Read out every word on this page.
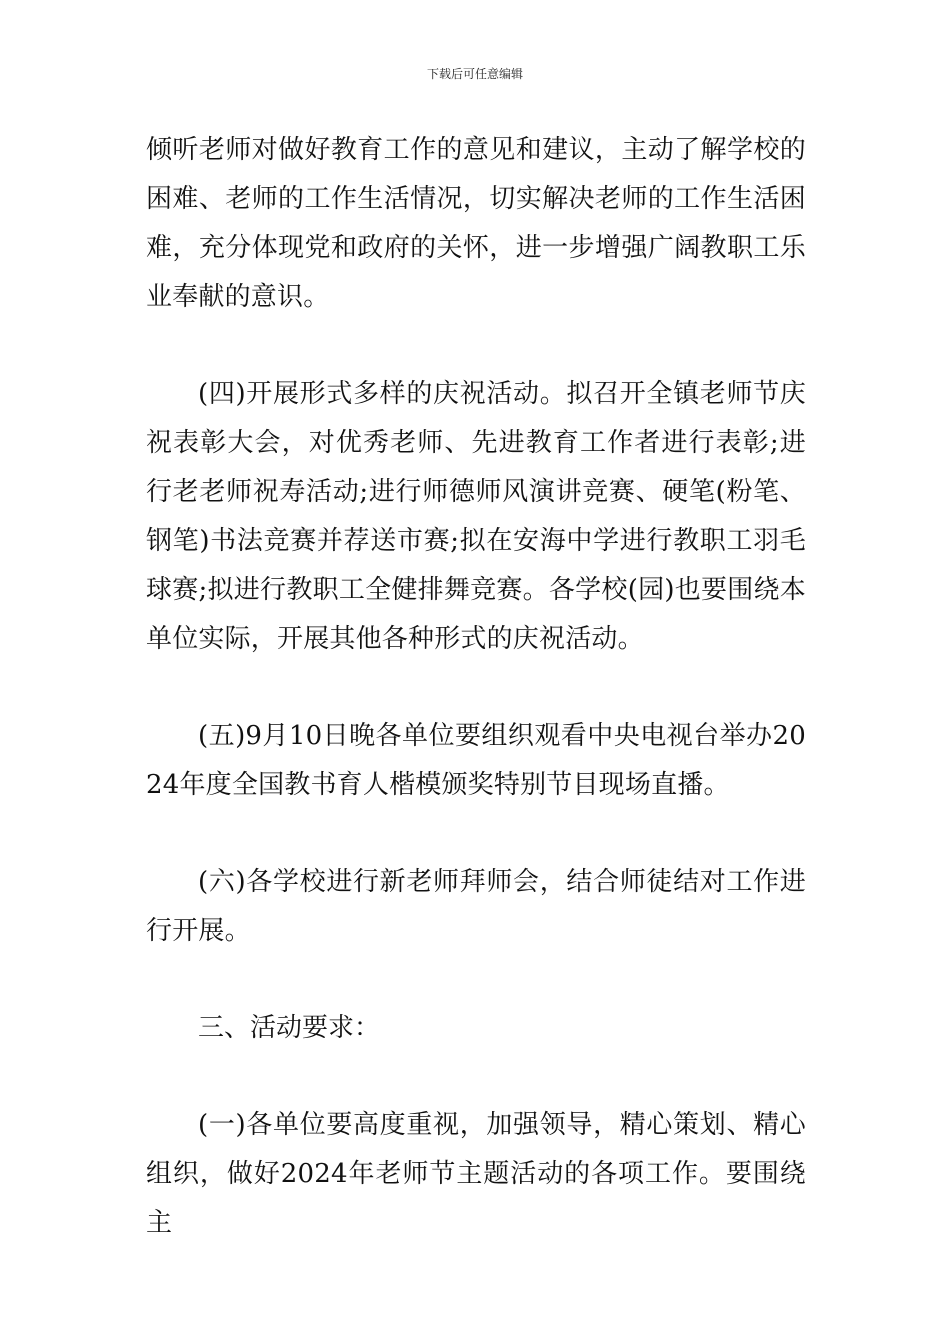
下载后可任意编辑

倾听老师对做好教育工作的意见和建议，主动了解学校的困难、老师的工作生活情况，切实解决老师的工作生活困难，充分体现党和政府的关怀，进一步增强广阔教职工乐业奉献的意识。

(四)开展形式多样的庆祝活动。拟召开全镇老师节庆祝表彰大会，对优秀老师、先进教育工作者进行表彰;进行老老师祝寿活动;进行师德师风演讲竞赛、硬笔(粉笔、钢笔)书法竞赛并荐送市赛;拟在安海中学进行教职工羽毛球赛;拟进行教职工全健排舞竞赛。各学校(园)也要围绕本单位实际，开展其他各种形式的庆祝活动。

(五)9月10日晚各单位要组织观看中央电视台举办2024年度全国教书育人楷模颁奖特别节目现场直播。

(六)各学校进行新老师拜师会，结合师徒结对工作进行开展。

三、活动要求：

(一)各单位要高度重视，加强领导，精心策划、精心组织，做好2024年老师节主题活动的各项工作。要围绕主
